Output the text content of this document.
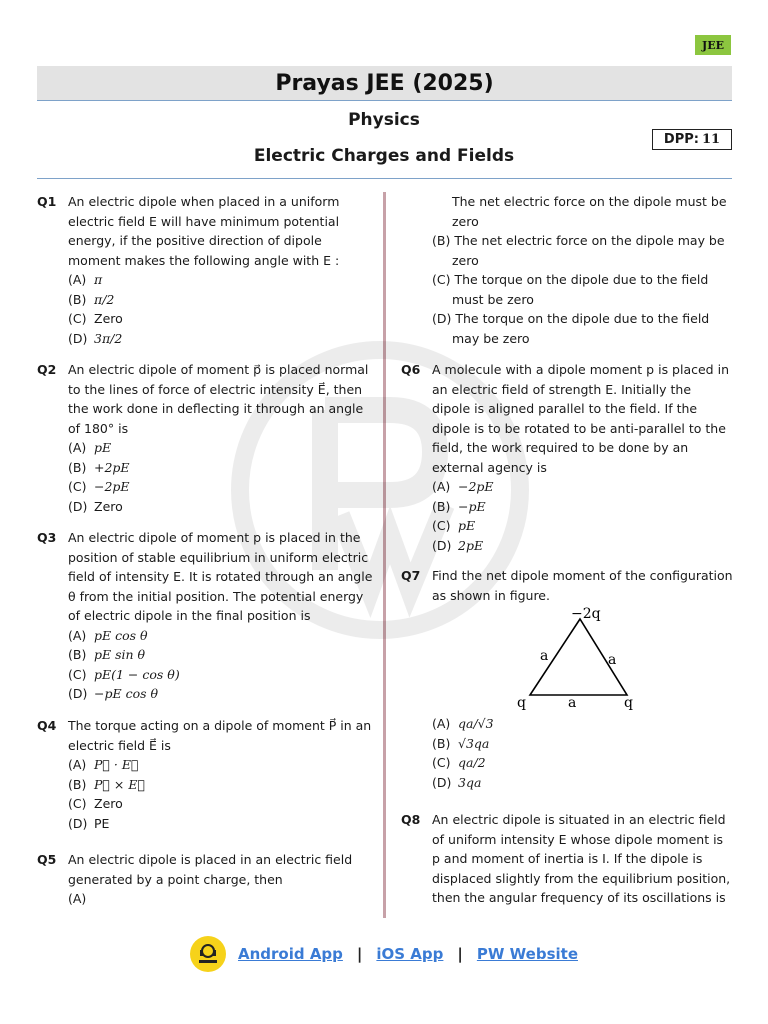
JEE
Prayas JEE (2025)
Physics
Electric Charges and Fields
DPP: 11
Q1 An electric dipole when placed in a uniform electric field E will have minimum potential energy, if the positive direction of dipole moment makes the following angle with E :
(A) π
(B) π/2
(C) Zero
(D) 3π/2
Q2 An electric dipole of moment p⃗ is placed normal to the lines of force of electric intensity E⃗, then the work done in deflecting it through an angle of 180° is
(A) pE
(B) +2pE
(C) −2pE
(D) Zero
Q3 An electric dipole of moment p is placed in the position of stable equilibrium in uniform electric field of intensity E. It is rotated through an angle θ from the initial position. The potential energy of electric dipole in the final position is
(A) pE cos θ
(B) pE sin θ
(C) pE(1 − cos θ)
(D) −pE cos θ
Q4 The torque acting on a dipole of moment P⃗ in an electric field E⃗ is
(A) P⃗ · E⃗
(B) P⃗ × E⃗
(C) Zero
(D) PE
Q5 An electric dipole is placed in an electric field generated by a point charge, then
(A)
The net electric force on the dipole must be zero
(B) The net electric force on the dipole may be zero
(C) The torque on the dipole due to the field must be zero
(D) The torque on the dipole due to the field may be zero
Q6 A molecule with a dipole moment p is placed in an electric field of strength E. Initially the dipole is aligned parallel to the field. If the dipole is to be rotated to be anti-parallel to the field, the work required to be done by an external agency is
(A) −2pE
(B) −pE
(C) pE
(D) 2pE
Q7 Find the net dipole moment of the configuration as shown in figure.
−2q
a	a
a
q	q
(A) qa/√3
(B) √3qa
(C) qa/2
(D) 3qa
Q8 An electric dipole is situated in an electric field of uniform intensity E whose dipole moment is p and moment of inertia is I. If the dipole is displaced slightly from the equilibrium position, then the angular frequency of its oscillations is
Android App | iOS App | PW Website
